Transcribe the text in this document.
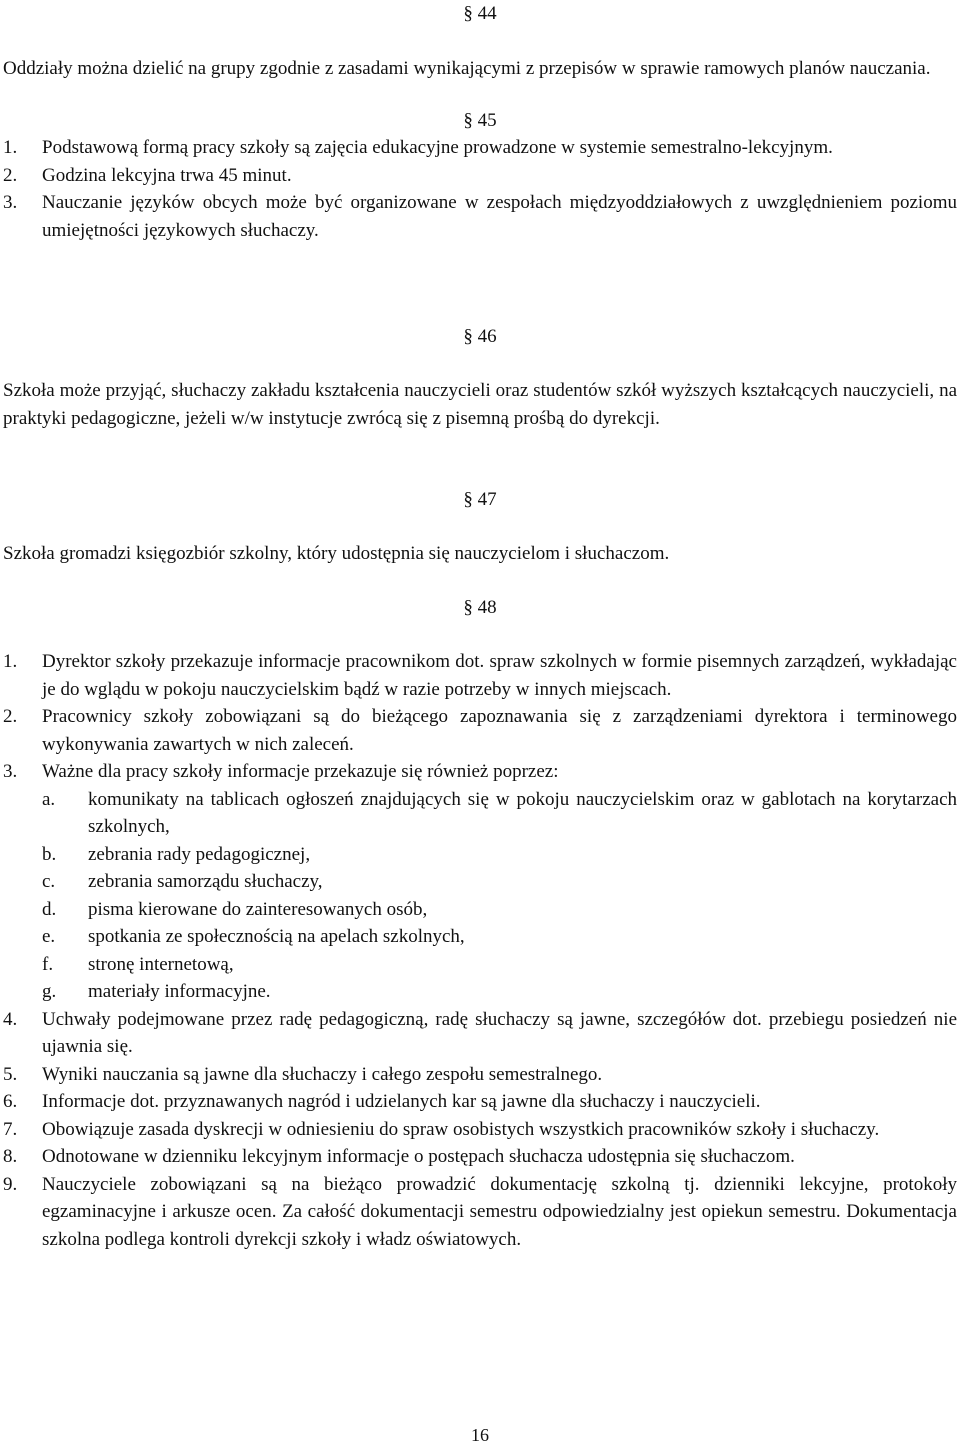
§ 44

Oddziały można dzielić na grupy zgodnie z zasadami wynikającymi z przepisów w sprawie ramowych planów nauczania.

§ 45
1. Podstawową formą pracy szkoły są zajęcia edukacyjne prowadzone w systemie semestralno-lekcyjnym.
2. Godzina lekcyjna trwa 45 minut.
3. Nauczanie języków obcych może być organizowane w zespołach międzyoddziałowych z uwzględnieniem poziomu umiejętności językowych słuchaczy.
§ 46

Szkoła może przyjąć, słuchaczy zakładu kształcenia nauczycieli oraz studentów szkół wyższych kształcących nauczycieli, na praktyki pedagogiczne, jeżeli w/w instytucje zwrócą się z pisemną prośbą do dyrekcji.

§ 47

Szkoła gromadzi księgozbiór szkolny, który udostępnia się nauczycielom i słuchaczom.

§ 48
1. Dyrektor szkoły przekazuje informacje pracownikom dot. spraw szkolnych w formie pisemnych zarządzeń, wykładając je do wglądu w pokoju nauczycielskim bądź w razie potrzeby w innych miejscach.
2. Pracownicy szkoły zobowiązani są do bieżącego zapoznawania się z zarządzeniami dyrektora i terminowego wykonywania zawartych w nich zaleceń.
3. Ważne dla pracy szkoły informacje przekazuje się również poprzez:
a. komunikaty na tablicach ogłoszeń znajdujących się w pokoju nauczycielskim oraz w gablotach na korytarzach szkolnych,
b. zebrania rady pedagogicznej,
c. zebrania samorządu słuchaczy,
d. pisma kierowane do zainteresowanych osób,
e. spotkania ze społecznością na apelach szkolnych,
f. stronę internetową,
g. materiały informacyjne.
4. Uchwały podejmowane przez radę pedagogiczną, radę słuchaczy są jawne, szczegółów dot. przebiegu posiedzeń nie ujawnia się.
5. Wyniki nauczania są jawne dla słuchaczy i całego zespołu semestralnego.
6. Informacje dot. przyznawanych nagród i udzielanych kar są jawne dla słuchaczy i nauczycieli.
7. Obowiązuje zasada dyskrecji w odniesieniu do spraw osobistych wszystkich pracowników szkoły i słuchaczy.
8. Odnotowane w dzienniku lekcyjnym informacje o postępach słuchacza udostępnia się słuchaczom.
9. Nauczyciele zobowiązani są na bieżąco prowadzić dokumentację szkolną tj. dzienniki lekcyjne, protokoły egzaminacyjne i arkusze ocen. Za całość dokumentacji semestru odpowiedzialny jest opiekun semestru. Dokumentacja szkolna podlega kontroli dyrekcji szkoły i władz oświatowych.
16
